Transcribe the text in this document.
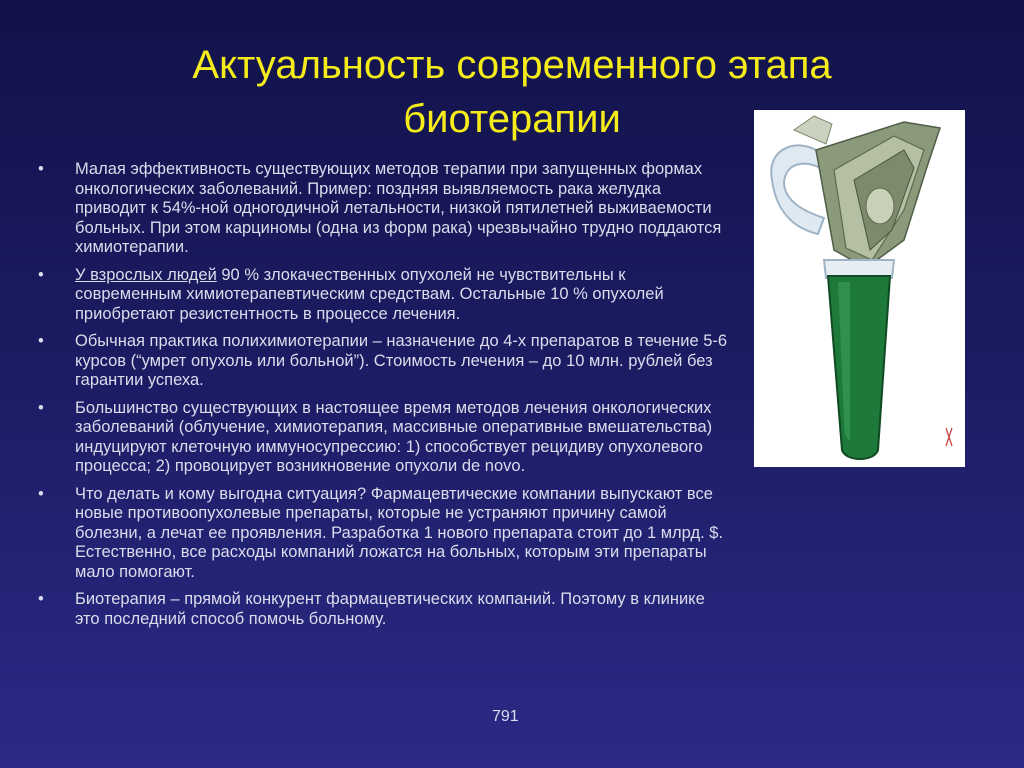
Актуальность современного этапа
биотерапии
• Малая эффективность существующих методов терапии при запущенных формах онкологических заболеваний. Пример: поздняя выявляемость рака желудка приводит к 54%-ной одногодичной летальности, низкой пятилетней выживаемости больных. При этом карциномы (одна из форм рака) чрезвычайно трудно поддаются химиотерапии.
• У взрослых людей 90 % злокачественных опухолей не чувствительны к современным химиотерапевтическим средствам. Остальные 10 % опухолей приобретают резистентность в процессе лечения.
• Обычная практика полихимиотерапии – назначение до 4-х препаратов в течение 5-6 курсов (“умрет опухоль или больной”). Стоимость лечения – до 10 млн. рублей без гарантии успеха.
• Большинство существующих в настоящее время методов лечения онкологических заболеваний (облучение, химиотерапия, массивные оперативные вмешательства) индуцируют клеточную иммуносупрессию: 1) способствует рецидиву опухолевого процесса; 2) провоцирует возникновение опухоли de novo.
• Что делать и кому выгодна ситуация? Фармацевтические компании выпускают все новые противоопухолевые препараты, которые не устраняют причину самой болезни, а лечат ее проявления. Разработка 1 нового препарата стоит до 1 млрд. $. Естественно, все расходы компаний ложатся на больных, которым эти препараты мало помогают.
• Биотерапия – прямой конкурент фармацевтических компаний. Поэтому в клинике это последний способ помочь больному.
791
